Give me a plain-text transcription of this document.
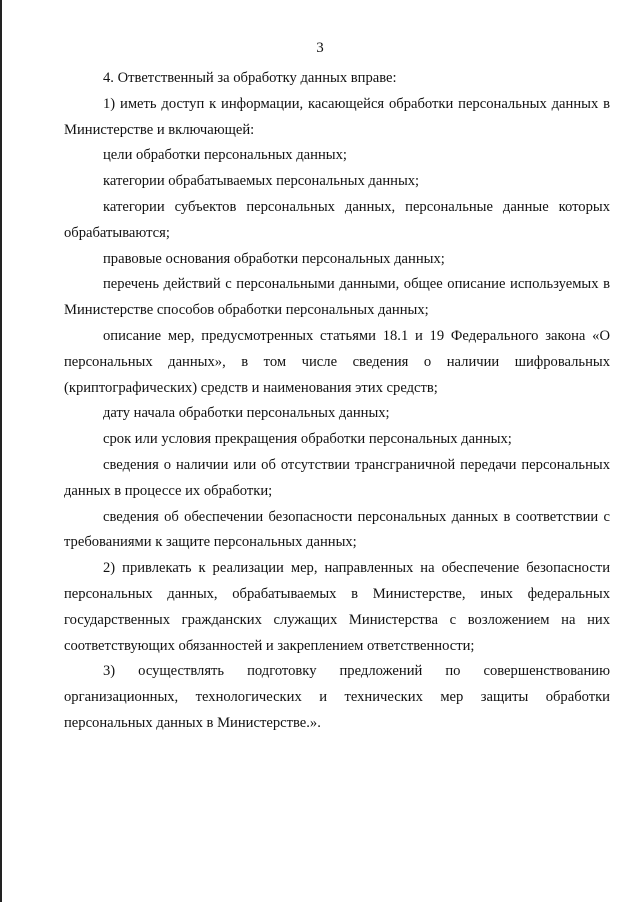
3

4. Ответственный за обработку данных вправе:

1) иметь доступ к информации, касающейся обработки персональных данных в Министерстве и включающей:

цели обработки персональных данных;

категории обрабатываемых персональных данных;

категории субъектов персональных данных, персональные данные которых обрабатываются;

правовые основания обработки персональных данных;

перечень действий с персональными данными, общее описание используемых в Министерстве способов обработки персональных данных;

описание мер, предусмотренных статьями 18.1 и 19 Федерального закона «О персональных данных», в том числе сведения о наличии шифровальных (криптографических) средств и наименования этих средств;

дату начала обработки персональных данных;

срок или условия прекращения обработки персональных данных;

сведения о наличии или об отсутствии трансграничной передачи персональных данных в процессе их обработки;

сведения об обеспечении безопасности персональных данных в соответствии с требованиями к защите персональных данных;

2) привлекать к реализации мер, направленных на обеспечение безопасности персональных данных, обрабатываемых в Министерстве, иных федеральных государственных гражданских служащих Министерства с возложением на них соответствующих обязанностей и закреплением ответственности;

3) осуществлять подготовку предложений по совершенствованию организационных, технологических и технических мер защиты обработки персональных данных в Министерстве.».
